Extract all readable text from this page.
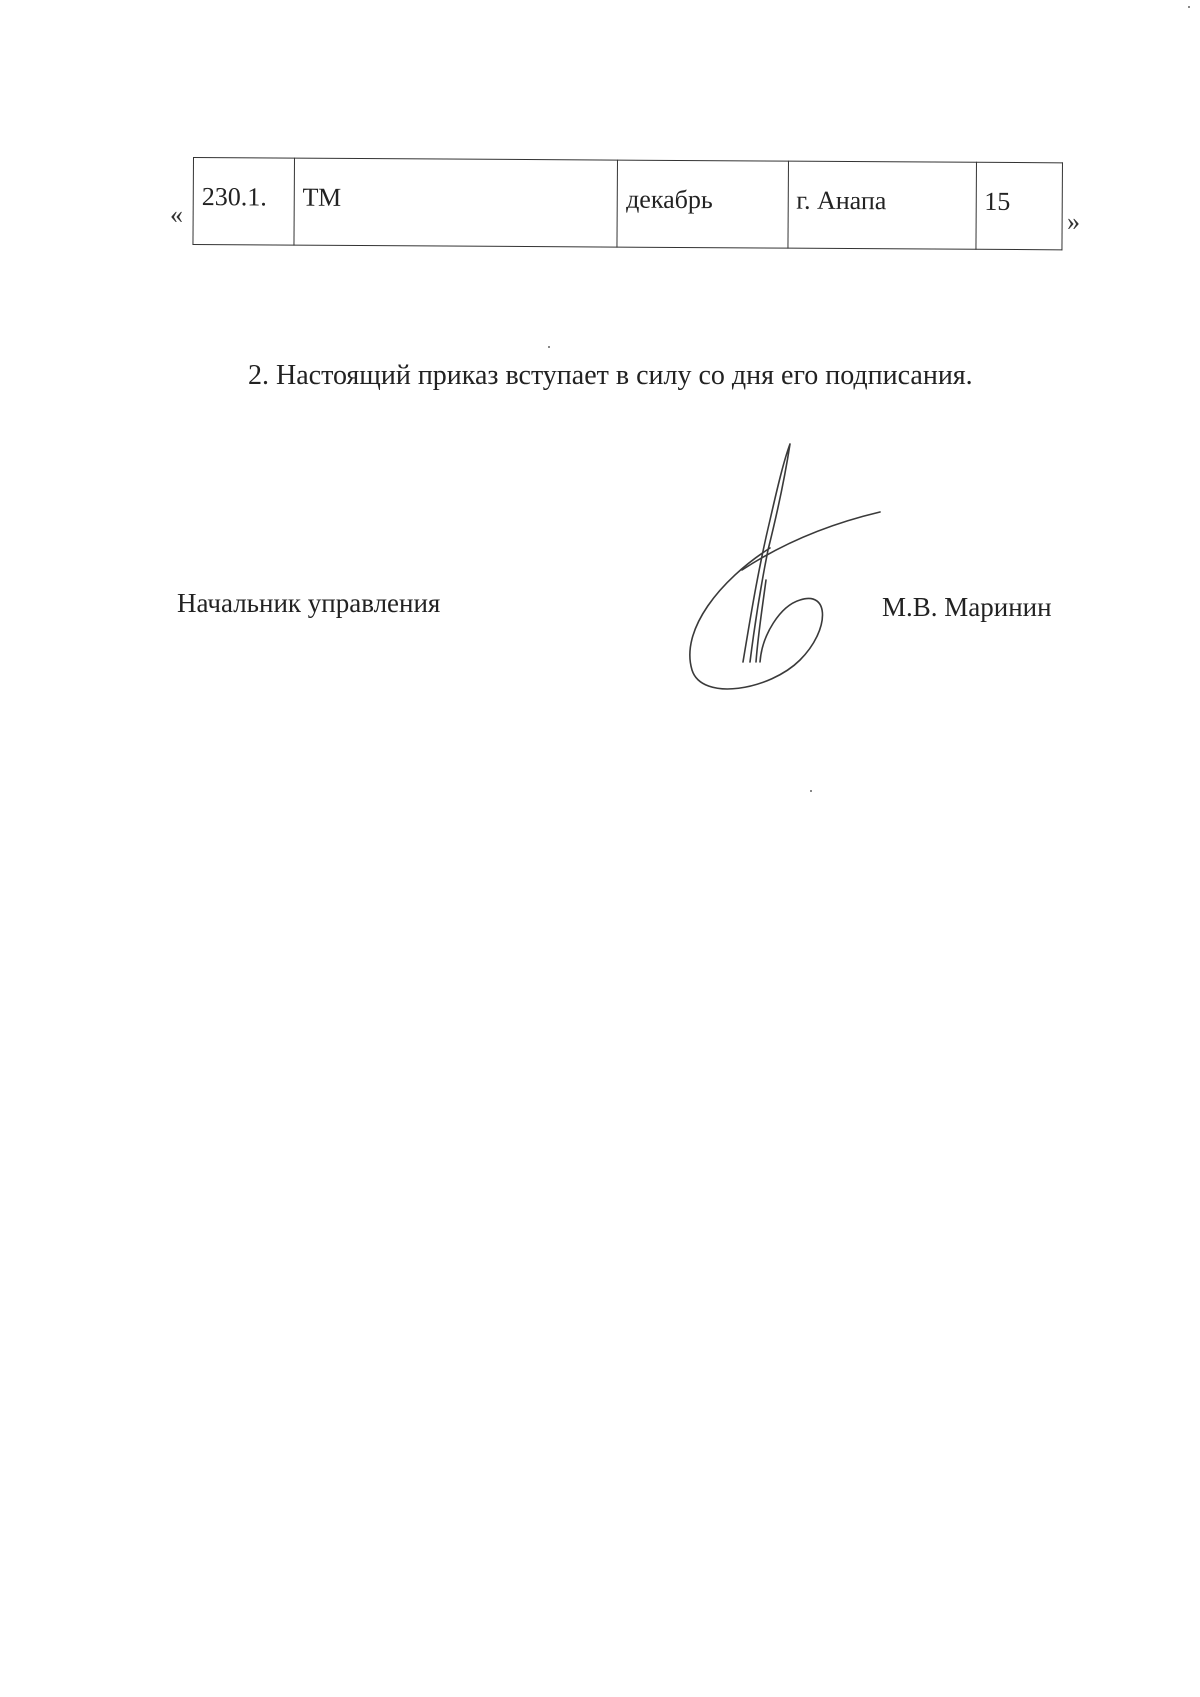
«
230.1.	ТМ	декабрь	г. Анапа	15
»
2. Настоящий приказ вступает в силу со дня его подписания.
Начальник управления	М.В. Маринин
